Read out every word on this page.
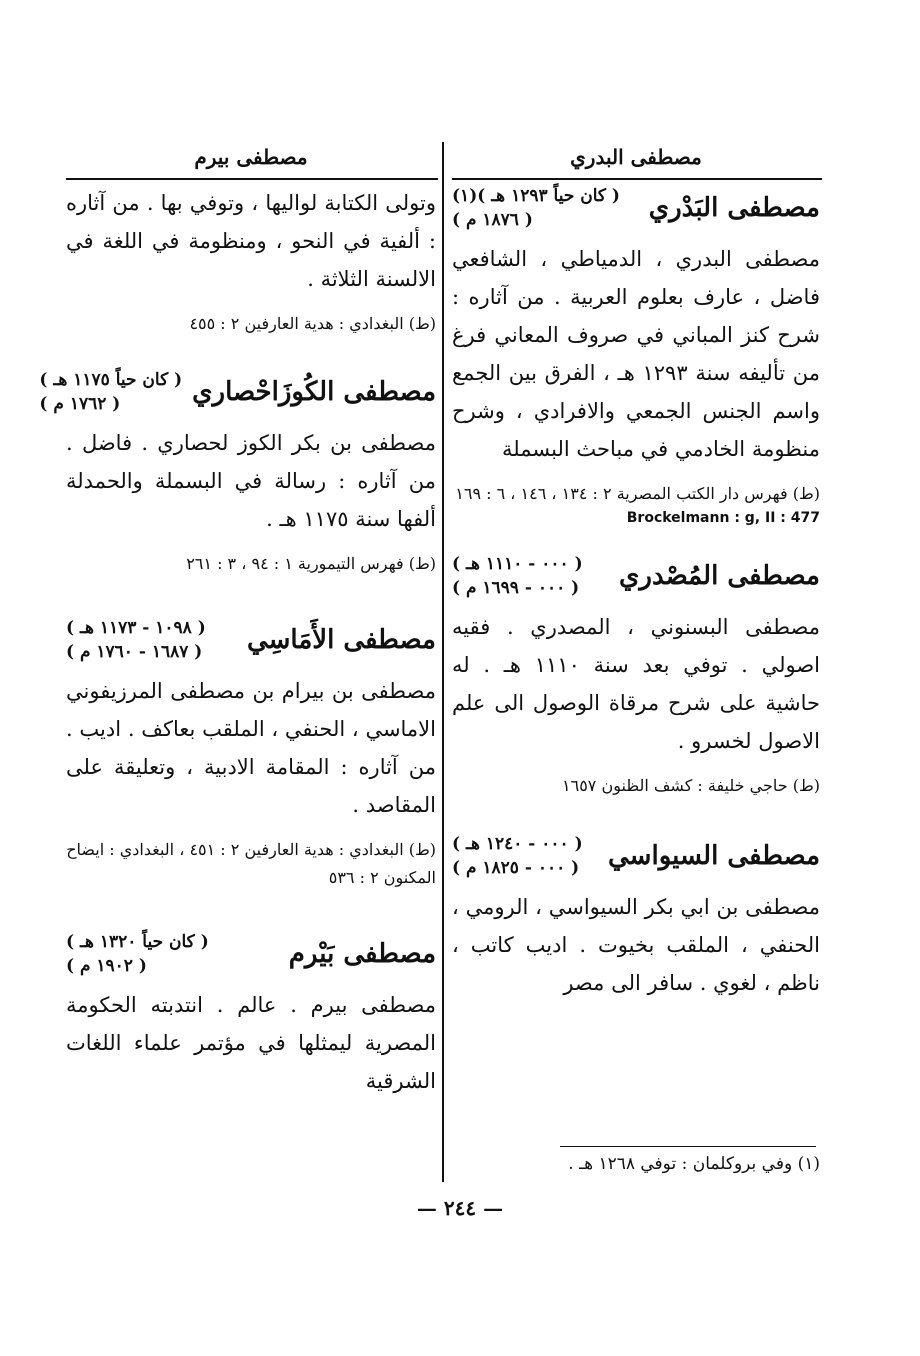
مصطفى البدري
مصطفى البَدْري
( كان حياً ١٢٩٣ هـ )(١)
( ١٨٧٦ م )
مصطفى البدري ، الدمياطي ، الشافعي فاضل ، عارف بعلوم العربية . من آثاره : شرح كنز المباني في صروف المعاني فرغ من تأليفه سنة ١٢٩٣ هـ ، الفرق بين الجمع واسم الجنس الجمعي والافرادي ، وشرح منظومة الخادمي في مباحث البسملة
(ط) فهرس دار الكتب المصرية ٢ : ١٣٤ ، ١٤٦ ، ٦ : ١٦٩
Brockelmann : g, II : 477
مصطفى المُصْدري
( ٠٠٠ - ١١١٠ هـ )
( ٠٠٠ - ١٦٩٩ م )
مصطفى البسنوني ، المصدري . فقيه اصولي . توفي بعد سنة ١١١٠ هـ . له حاشية على شرح مرقاة الوصول الى علم الاصول لخسرو .
(ط) حاجي خليفة : كشف الظنون ١٦٥٧
مصطفى السيواسي
( ٠٠٠ - ١٢٤٠ هـ )
( ٠٠٠ - ١٨٢٥ م )
مصطفى بن ابي بكر السيواسي ، الرومي ، الحنفي ، الملقب بخيوت . اديب كاتب ، ناظم ، لغوي . سافر الى مصر
(١) وفي بروكلمان : توفي ١٢٦٨ هـ .
مصطفى بيرم
وتولى الكتابة لواليها ، وتوفي بها . من آثاره : ألفية في النحو ، ومنظومة في اللغة في الالسنة الثلاثة .
(ط) البغدادي : هدية العارفين ٢ : ٤٥٥
مصطفى الكُوزَاحْصاري
( كان حياً ١١٧٥ هـ )
( ١٧٦٢ م )
مصطفى بن بكر الكوز لحصاري . فاضل . من آثاره : رسالة في البسملة والحمدلة ألفها سنة ١١٧٥ هـ .
(ط) فهرس التيمورية ١ : ٩٤ ، ٣ : ٢٦١
مصطفى الأَمَاسِي
( ١٠٩٨ - ١١٧٣ هـ )
( ١٦٨٧ - ١٧٦٠ م )
مصطفى بن بيرام بن مصطفى المرزيفوني الاماسي ، الحنفي ، الملقب بعاكف . اديب . من آثاره : المقامة الادبية ، وتعليقة على المقاصد .
(ط) البغدادي : هدية العارفين ٢ : ٤٥١ ، البغدادي : ايضاح المكنون ٢ : ٥٣٦
مصطفى بَيْرم
( كان حياً ١٣٢٠ هـ )
( ١٩٠٢ م )
مصطفى بيرم . عالم . انتدبته الحكومة المصرية ليمثلها في مؤتمر علماء اللغات الشرقية
— ٢٤٤ —
